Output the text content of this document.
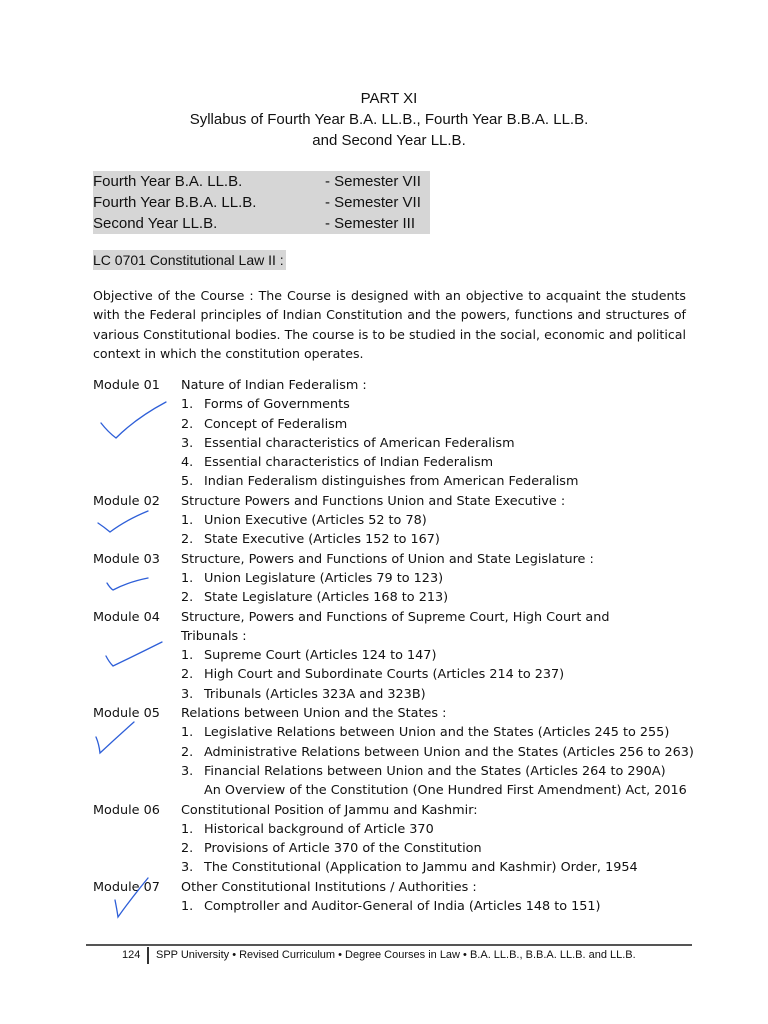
PART XI
Syllabus of Fourth Year B.A. LL.B., Fourth Year B.B.A. LL.B.
and Second Year LL.B.
Fourth Year B.A. LL.B.	- Semester VII
Fourth Year B.B.A. LL.B.	- Semester VII
Second Year LL.B.	- Semester III
LC 0701 Constitutional Law II :
Objective of the Course : The Course is designed with an objective to acquaint the students with the Federal principles of Indian Constitution and the powers, functions and structures of various Constitutional bodies. The course is to be studied in the social, economic and political context in which the constitution operates.
Module 01 Nature of Indian Federalism :
1. Forms of Governments
2. Concept of Federalism
3. Essential characteristics of American Federalism
4. Essential characteristics of Indian Federalism
5. Indian Federalism distinguishes from American Federalism
Module 02 Structure Powers and Functions Union and State Executive :
1. Union Executive (Articles 52 to 78)
2. State Executive (Articles 152 to 167)
Module 03 Structure, Powers and Functions of Union and State Legislature :
1. Union Legislature (Articles 79 to 123)
2. State Legislature (Articles 168 to 213)
Module 04 Structure, Powers and Functions of Supreme Court, High Court and
Tribunals :
1. Supreme Court (Articles 124 to 147)
2. High Court and Subordinate Courts (Articles 214 to 237)
3. Tribunals (Articles 323A and 323B)
Module 05 Relations between Union and the States :
1. Legislative Relations between Union and the States (Articles 245 to 255)
2. Administrative Relations between Union and the States (Articles 256 to 263)
3. Financial Relations between Union and the States (Articles 264 to 290A)
An Overview of the Constitution (One Hundred First Amendment) Act, 2016
Module 06 Constitutional Position of Jammu and Kashmir:
1. Historical background of Article 370
2. Provisions of Article 370 of the Constitution
3. The Constitutional (Application to Jammu and Kashmir) Order, 1954
Module 07 Other Constitutional Institutions / Authorities :
1. Comptroller and Auditor-General of India (Articles 148 to 151)
124 SPP University • Revised Curriculum • Degree Courses in Law • B.A. LL.B., B.B.A. LL.B. and LL.B.
